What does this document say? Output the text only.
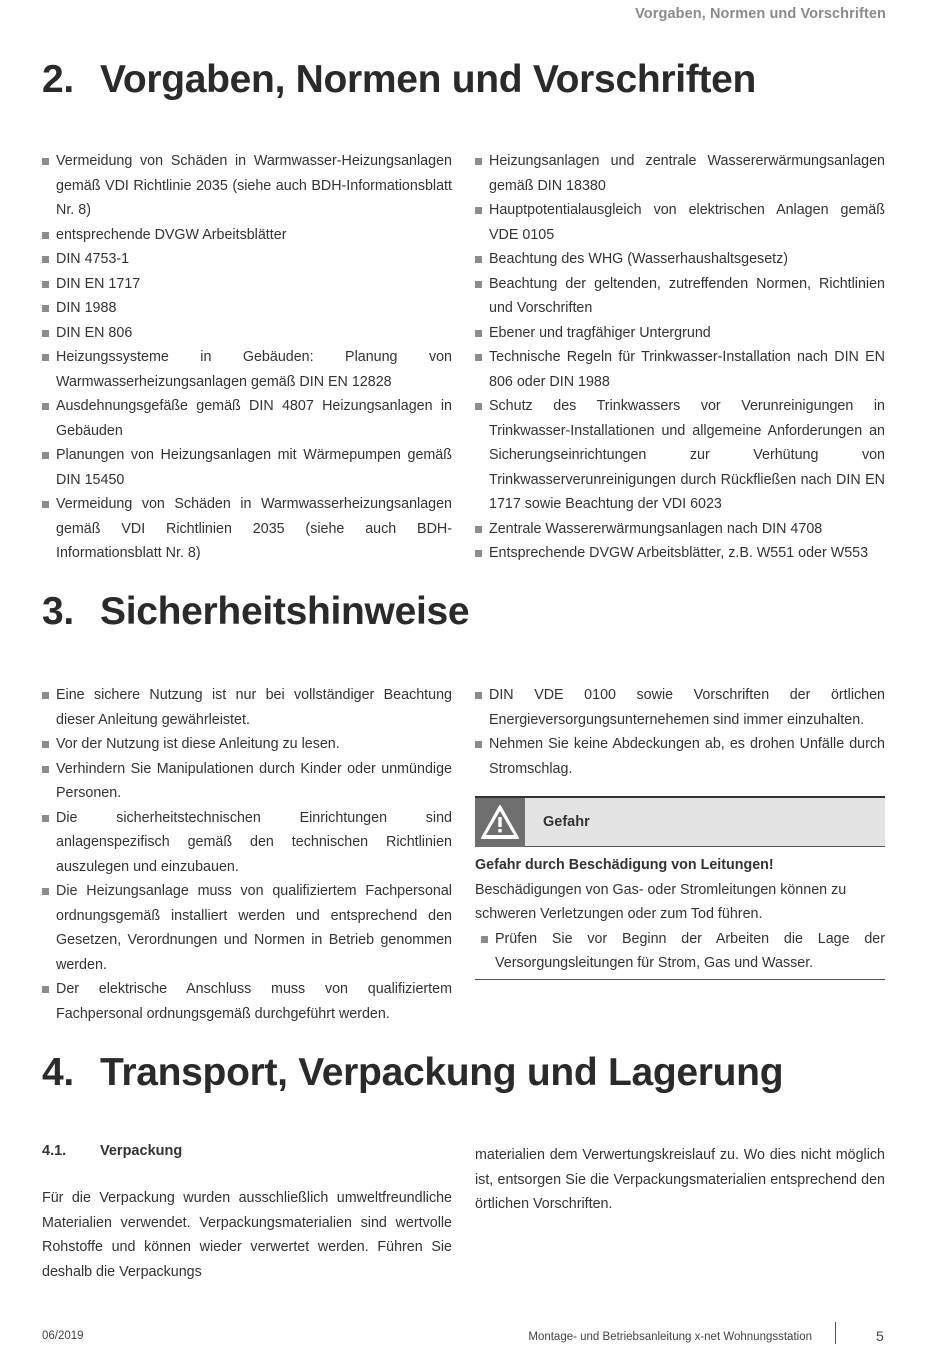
Vorgaben, Normen und Vorschriften
2. Vorgaben, Normen und Vorschriften
Vermeidung von Schäden in Warmwasser-Heizungsanlagen gemäß VDI Richtlinie 2035 (siehe auch BDH-Informationsblatt Nr. 8)
entsprechende DVGW Arbeitsblätter
DIN 4753-1
DIN EN 1717
DIN 1988
DIN EN 806
Heizungssysteme in Gebäuden: Planung von Warmwasserheizungsanlagen gemäß DIN EN 12828
Ausdehnungsgefäße gemäß DIN 4807 Heizungsanlagen in Gebäuden
Planungen von Heizungsanlagen mit Wärmepumpen gemäß DIN 15450
Vermeidung von Schäden in Warmwasserheizungsanlagen gemäß VDI Richtlinien 2035 (siehe auch BDH-Informationsblatt Nr. 8)
Heizungsanlagen und zentrale Wassererwärmungsanlagen gemäß DIN 18380
Hauptpotentialausgleich von elektrischen Anlagen gemäß VDE 0105
Beachtung des WHG (Wasserhaushaltsgesetz)
Beachtung der geltenden, zutreffenden Normen, Richtlinien und Vorschriften
Ebener und tragfähiger Untergrund
Technische Regeln für Trinkwasser-Installation nach DIN EN 806 oder DIN 1988
Schutz des Trinkwassers vor Verunreinigungen in Trinkwasser-Installationen und allgemeine Anforderungen an Sicherungseinrichtungen zur Verhütung von Trinkwasserverunreinigungen durch Rückfließen nach DIN EN 1717 sowie Beachtung der VDI 6023
Zentrale Wassererwärmungsanlagen nach DIN 4708
Entsprechende DVGW Arbeitsblätter, z.B. W551 oder W553
3. Sicherheitshinweise
Eine sichere Nutzung ist nur bei vollständiger Beachtung dieser Anleitung gewährleistet.
Vor der Nutzung ist diese Anleitung zu lesen.
Verhindern Sie Manipulationen durch Kinder oder unmündige Personen.
Die sicherheitstechnischen Einrichtungen sind anlagenspezifisch gemäß den technischen Richtlinien auszulegen und einzubauen.
Die Heizungsanlage muss von qualifiziertem Fachpersonal ordnungsgemäß installiert werden und entsprechend den Gesetzen, Verordnungen und Normen in Betrieb genommen werden.
Der elektrische Anschluss muss von qualifiziertem Fachpersonal ordnungsgemäß durchgeführt werden.
DIN VDE 0100 sowie Vorschriften der örtlichen Energieversorgungsunternehemen sind immer einzuhalten.
Nehmen Sie keine Abdeckungen ab, es drohen Unfälle durch Stromschlag.
Gefahr
Gefahr durch Beschädigung von Leitungen!
Beschädigungen von Gas- oder Stromleitungen können zu schweren Verletzungen oder zum Tod führen.
Prüfen Sie vor Beginn der Arbeiten die Lage der Versorgungsleitungen für Strom, Gas und Wasser.
4. Transport, Verpackung und Lagerung
4.1. Verpackung

Für die Verpackung wurden ausschließlich umweltfreundliche Materialien verwendet. Verpackungsmaterialien sind wertvolle Rohstoffe und können wieder verwertet werden. Führen Sie deshalb die Verpackungs

materialien dem Verwertungskreislauf zu. Wo dies nicht möglich ist, entsorgen Sie die Verpackungsmaterialien entsprechend den örtlichen Vorschriften.

06/2019	Montage- und Betriebsanleitung x-net Wohnungsstation	5
